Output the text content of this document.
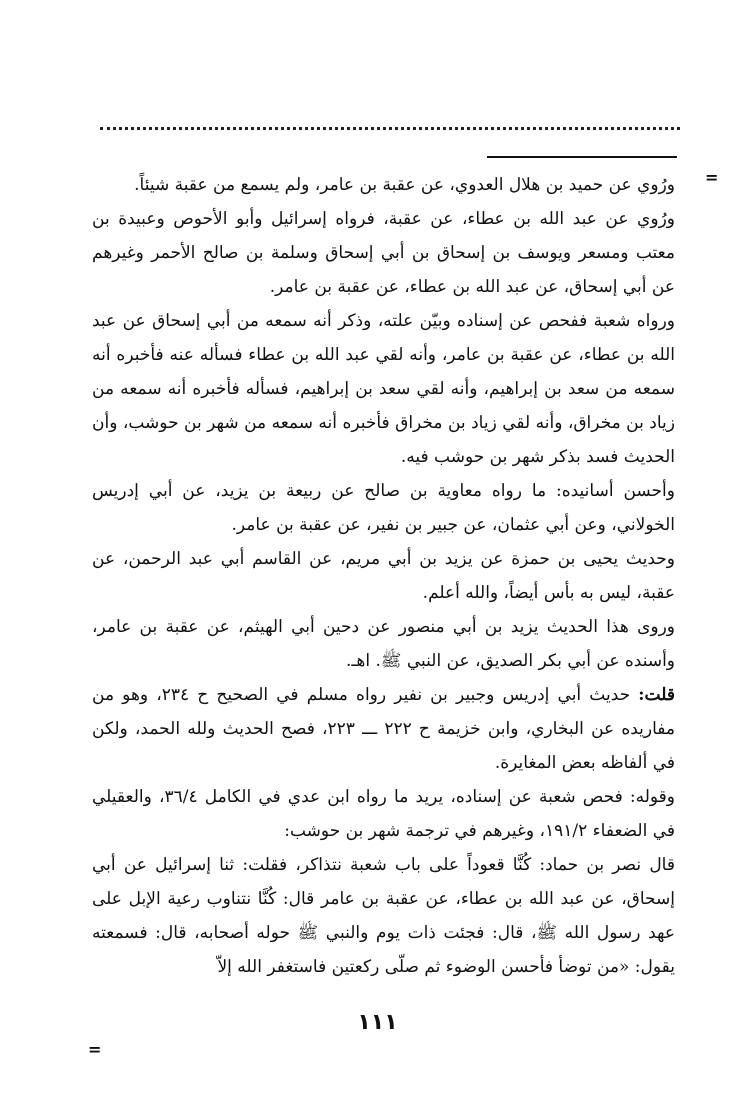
=

ورُوي عن حميد بن هلال العدوي، عن عقبة بن عامر، ولم يسمع من عقبة شيئاً.

ورُوي عن عبد الله بن عطاء، عن عقبة، فرواه إسرائيل وأبو الأحوص وعبيدة بن معتب ومسعر ويوسف بن إسحاق بن أبي إسحاق وسلمة بن صالح الأحمر وغيرهم عن أبي إسحاق، عن عبد الله بن عطاء، عن عقبة بن عامر.

ورواه شعبة ففحص عن إسناده وبيّن علته، وذكر أنه سمعه من أبي إسحاق عن عبد الله بن عطاء، عن عقبة بن عامر، وأنه لقي عبد الله بن عطاء فسأله عنه فأخبره أنه سمعه من سعد بن إبراهيم، وأنه لقي سعد بن إبراهيم، فسأله فأخبره أنه سمعه من زياد بن مخراق، وأنه لقي زياد بن مخراق فأخبره أنه سمعه من شهر بن حوشب، وأن الحديث فسد بذكر شهر بن حوشب فيه.

وأحسن أسانيده: ما رواه معاوية بن صالح عن ربيعة بن يزيد، عن أبي إدريس الخولاني، وعن أبي عثمان، عن جبير بن نفير، عن عقبة بن عامر.

وحديث يحيى بن حمزة عن يزيد بن أبي مريم، عن القاسم أبي عبد الرحمن، عن عقبة، ليس به بأس أيضاً، والله أعلم.

وروى هذا الحديث يزيد بن أبي منصور عن دحين أبي الهيثم، عن عقبة بن عامر، وأسنده عن أبي بكر الصديق، عن النبي ﷺ. اهـ.

قلت: حديث أبي إدريس وجبير بن نفير رواه مسلم في الصحيح ح ٢٣٤، وهو من مفاريده عن البخاري، وابن خزيمة ح ٢٢٢ ـــ ٢٢٣، فصح الحديث ولله الحمد، ولكن في ألفاظه بعض المغايرة.

وقوله: فحص شعبة عن إسناده، يريد ما رواه ابن عدي في الكامل ٣٦/٤، والعقيلي في الضعفاء ١٩١/٢، وغيرهم في ترجمة شهر بن حوشب:

قال نصر بن حماد: كُنَّا قعوداً على باب شعبة نتذاكر، فقلت: ثنا إسرائيل عن أبي إسحاق، عن عبد الله بن عطاء، عن عقبة بن عامر قال: كُنَّا نتناوب رعية الإبل على عهد رسول الله ﷺ، قال: فجئت ذات يوم والنبي ﷺ حوله أصحابه، قال: فسمعته يقول: «من توضأ فأحسن الوضوء ثم صلّى ركعتين فاستغفر الله إلاّ

=
١١١
